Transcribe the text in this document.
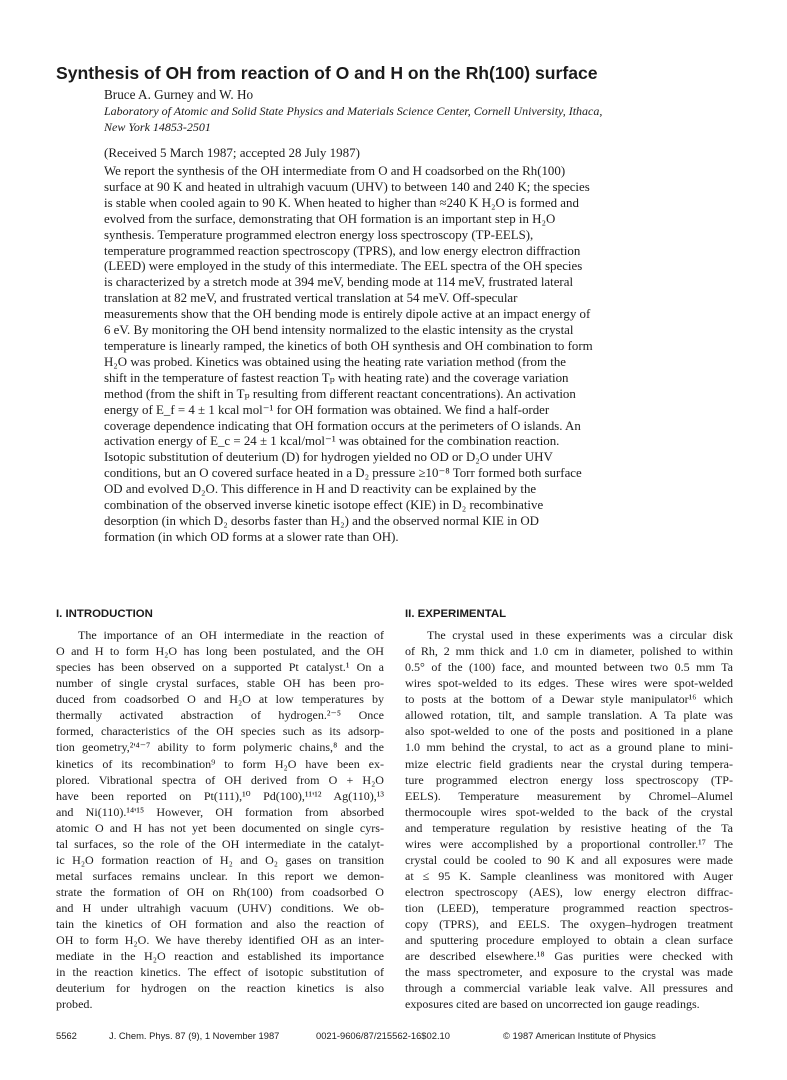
Synthesis of OH from reaction of O and H on the Rh(100) surface

Bruce A. Gurney and W. Ho

Laboratory of Atomic and Solid State Physics and Materials Science Center, Cornell University, Ithaca,
New York 14853-2501

(Received 5 March 1987; accepted 28 July 1987)

We report the synthesis of the OH intermediate from O and H coadsorbed on the Rh(100)
surface at 90 K and heated in ultrahigh vacuum (UHV) to between 140 and 240 K; the species
is stable when cooled again to 90 K. When heated to higher than ≈240 K H₂O is formed and
evolved from the surface, demonstrating that OH formation is an important step in H₂O
synthesis. Temperature programmed electron energy loss spectroscopy (TP-EELS),
temperature programmed reaction spectroscopy (TPRS), and low energy electron diffraction
(LEED) were employed in the study of this intermediate. The EEL spectra of the OH species
is characterized by a stretch mode at 394 meV, bending mode at 114 meV, frustrated lateral
translation at 82 meV, and frustrated vertical translation at 54 meV. Off-specular
measurements show that the OH bending mode is entirely dipole active at an impact energy of
6 eV. By monitoring the OH bend intensity normalized to the elastic intensity as the crystal
temperature is linearly ramped, the kinetics of both OH synthesis and OH combination to form
H₂O was probed. Kinetics was obtained using the heating rate variation method (from the
shift in the temperature of fastest reaction Tₚ with heating rate) and the coverage variation
method (from the shift in Tₚ resulting from different reactant concentrations). An activation
energy of E_f = 4 ± 1 kcal mol⁻¹ for OH formation was obtained. We find a half-order
coverage dependence indicating that OH formation occurs at the perimeters of O islands. An
activation energy of E_c = 24 ± 1 kcal/mol⁻¹ was obtained for the combination reaction.
Isotopic substitution of deuterium (D) for hydrogen yielded no OD or D₂O under UHV
conditions, but an O covered surface heated in a D₂ pressure ≥10⁻⁸ Torr formed both surface
OD and evolved D₂O. This difference in H and D reactivity can be explained by the
combination of the observed inverse kinetic isotope effect (KIE) in D₂ recombinative
desorption (in which D₂ desorbs faster than H₂) and the observed normal KIE in OD
formation (in which OD forms at a slower rate than OH).
I. INTRODUCTION	II. EXPERIMENTAL
The importance of an OH intermediate in the reaction of
O and H to form H₂O has long been postulated, and the OH
species has been observed on a supported Pt catalyst.¹ On a
number of single crystal surfaces, stable OH has been pro-
duced from coadsorbed O and H₂O at low temperatures by
thermally activated abstraction of hydrogen.²⁻⁵ Once
formed, characteristics of the OH species such as its adsorp-
tion geometry,²'⁴⁻⁷ ability to form polymeric chains,⁸ and the
kinetics of its recombination⁹ to form H₂O have been ex-
plored. Vibrational spectra of OH derived from O + H₂O
have been reported on Pt(111),¹⁰ Pd(100),¹¹'¹² Ag(110),¹³
and Ni(110).¹⁴'¹⁵ However, OH formation from absorbed
atomic O and H has not yet been documented on single cyrs-
tal surfaces, so the role of the OH intermediate in the catalyt-
ic H₂O formation reaction of H₂ and O₂ gases on transition
metal surfaces remains unclear. In this report we demon-
strate the formation of OH on Rh(100) from coadsorbed O
and H under ultrahigh vacuum (UHV) conditions. We ob-
tain the kinetics of OH formation and also the reaction of
OH to form H₂O. We have thereby identified OH as an inter-
mediate in the H₂O reaction and established its importance
in the reaction kinetics. The effect of isotopic substitution of
deuterium for hydrogen on the reaction kinetics is also
probed.
The crystal used in these experiments was a circular disk
of Rh, 2 mm thick and 1.0 cm in diameter, polished to within
0.5° of the (100) face, and mounted between two 0.5 mm Ta
wires spot-welded to its edges. These wires were spot-welded
to posts at the bottom of a Dewar style manipulator¹⁶ which
allowed rotation, tilt, and sample translation. A Ta plate was
also spot-welded to one of the posts and positioned in a plane
1.0 mm behind the crystal, to act as a ground plane to mini-
mize electric field gradients near the crystal during tempera-
ture programmed electron energy loss spectroscopy (TP-
EELS). Temperature measurement by Chromel–Alumel
thermocouple wires spot-welded to the back of the crystal
and temperature regulation by resistive heating of the Ta
wires were accomplished by a proportional controller.¹⁷ The
crystal could be cooled to 90 K and all exposures were made
at ≤ 95 K. Sample cleanliness was monitored with Auger
electron spectroscopy (AES), low energy electron diffrac-
tion (LEED), temperature programmed reaction spectros-
copy (TPRS), and EELS. The oxygen–hydrogen treatment
and sputtering procedure employed to obtain a clean surface
are described elsewhere.¹⁸ Gas purities were checked with
the mass spectrometer, and exposure to the crystal was made
through a commercial variable leak valve. All pressures and
exposures cited are based on uncorrected ion gauge readings.
5562	J. Chem. Phys. 87 (9), 1 November 1987	0021-9606/87/215562-16$02.10	© 1987 American Institute of Physics
